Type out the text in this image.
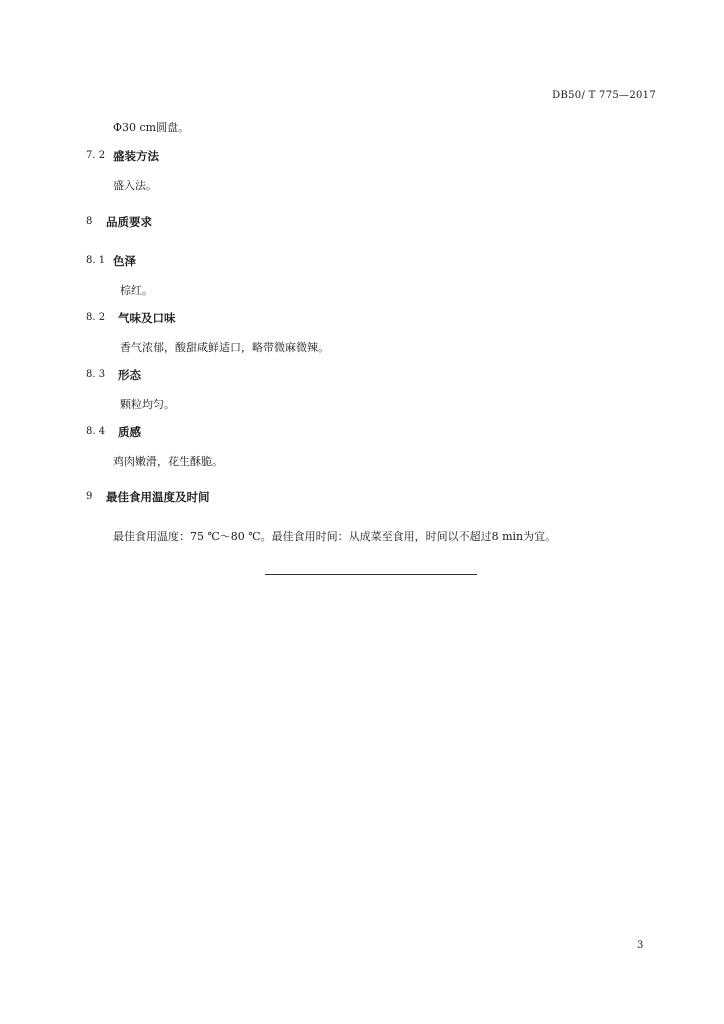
DB50/ T 775—2017
Φ30 cm圆盘。
7. 2 盛装方法
盛入法。
8 品质要求
8. 1 色泽
棕红。
8. 2 气味及口味
香气浓郁，酸甜咸鲜适口，略带微麻微辣。
8. 3 形态
颗粒均匀。
8. 4 质感
鸡肉嫩滑，花生酥脆。
9 最佳食用温度及时间
最佳食用温度：75 ℃～80 ℃。最佳食用时间：从成菜至食用，时间以不超过8 min为宜。
3
